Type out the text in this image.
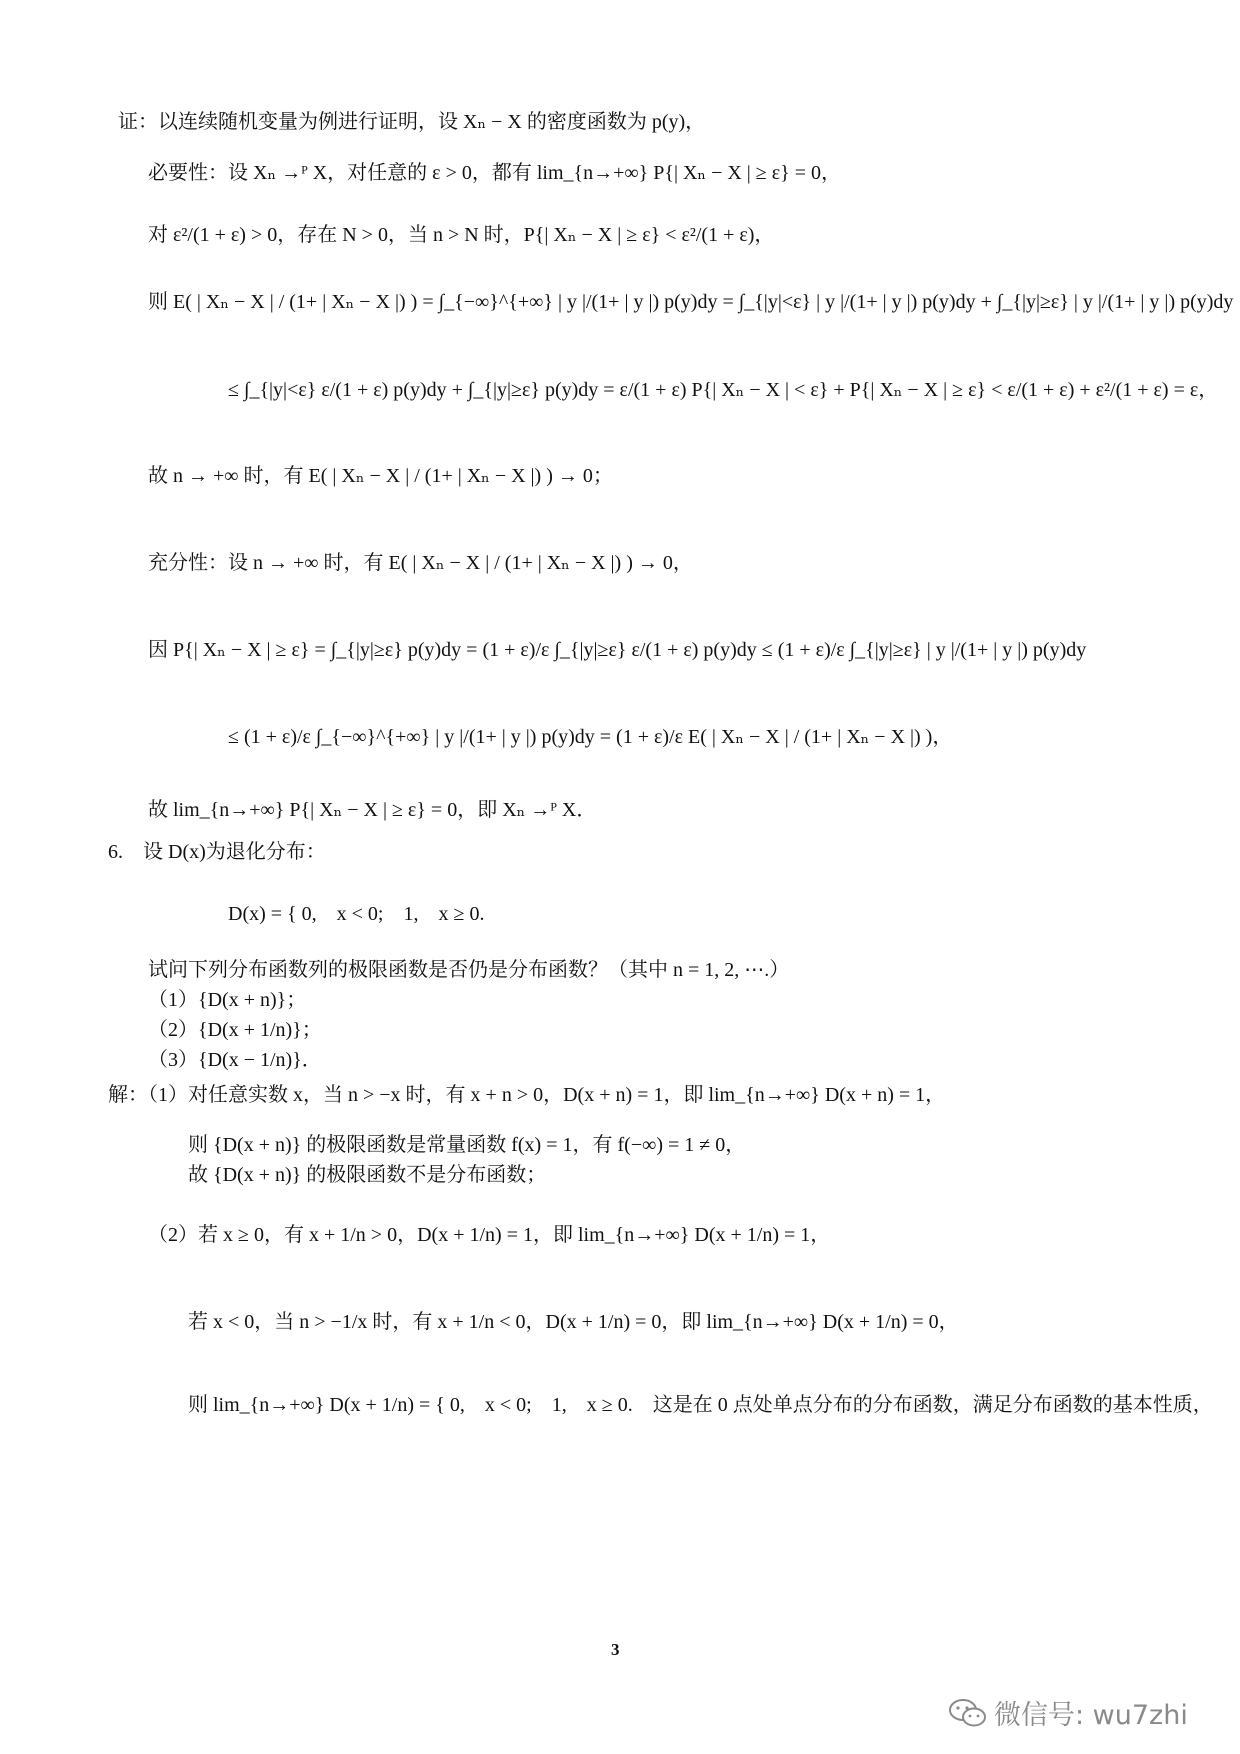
证：以连续随机变量为例进行证明，设 Xₙ − X 的密度函数为 p(y)，
必要性：设 Xₙ →ᴾ X，对任意的 ε > 0，都有 lim_{n→+∞} P{| Xₙ − X | ≥ ε} = 0，
对 ε²/(1 + ε) > 0，存在 N > 0，当 n > N 时，P{| Xₙ − X | ≥ ε} < ε²/(1 + ε)，
则 E( | Xₙ − X | / (1+ | Xₙ − X |) ) = ∫_{−∞}^{+∞} | y |/(1+ | y |) p(y)dy = ∫_{|y|<ε} | y |/(1+ | y |) p(y)dy + ∫_{|y|≥ε} | y |/(1+ | y |) p(y)dy
≤ ∫_{|y|<ε} ε/(1 + ε) p(y)dy + ∫_{|y|≥ε} p(y)dy = ε/(1 + ε) P{| Xₙ − X | < ε} + P{| Xₙ − X | ≥ ε} < ε/(1 + ε) + ε²/(1 + ε) = ε，
故 n → +∞ 时，有 E( | Xₙ − X | / (1+ | Xₙ − X |) ) → 0；
充分性：设 n → +∞ 时，有 E( | Xₙ − X | / (1+ | Xₙ − X |) ) → 0，
因 P{| Xₙ − X | ≥ ε} = ∫_{|y|≥ε} p(y)dy = (1 + ε)/ε ∫_{|y|≥ε} ε/(1 + ε) p(y)dy ≤ (1 + ε)/ε ∫_{|y|≥ε} | y |/(1+ | y |) p(y)dy
≤ (1 + ε)/ε ∫_{−∞}^{+∞} | y |/(1+ | y |) p(y)dy = (1 + ε)/ε E( | Xₙ − X | / (1+ | Xₙ − X |) )，
故 lim_{n→+∞} P{| Xₙ − X | ≥ ε} = 0，即 Xₙ →ᴾ X．
6.　设 D(x)为退化分布：
D(x) = { 0,　x < 0;　1,　x ≥ 0.
试问下列分布函数列的极限函数是否仍是分布函数？（其中 n = 1, 2, ⋯.）
（1）{D(x + n)}；
（2）{D(x + 1/n)}；
（3）{D(x − 1/n)}．
解：（1）对任意实数 x，当 n > −x 时，有 x + n > 0，D(x + n) = 1，即 lim_{n→+∞} D(x + n) = 1，
则 {D(x + n)} 的极限函数是常量函数 f(x) = 1，有 f(−∞) = 1 ≠ 0，
故 {D(x + n)} 的极限函数不是分布函数；
（2）若 x ≥ 0，有 x + 1/n > 0，D(x + 1/n) = 1，即 lim_{n→+∞} D(x + 1/n) = 1，
若 x < 0，当 n > −1/x 时，有 x + 1/n < 0，D(x + 1/n) = 0，即 lim_{n→+∞} D(x + 1/n) = 0，
则 lim_{n→+∞} D(x + 1/n) = { 0,　x < 0;　1,　x ≥ 0.　这是在 0 点处单点分布的分布函数，满足分布函数的基本性质，
3
微信号: wu7zhi
